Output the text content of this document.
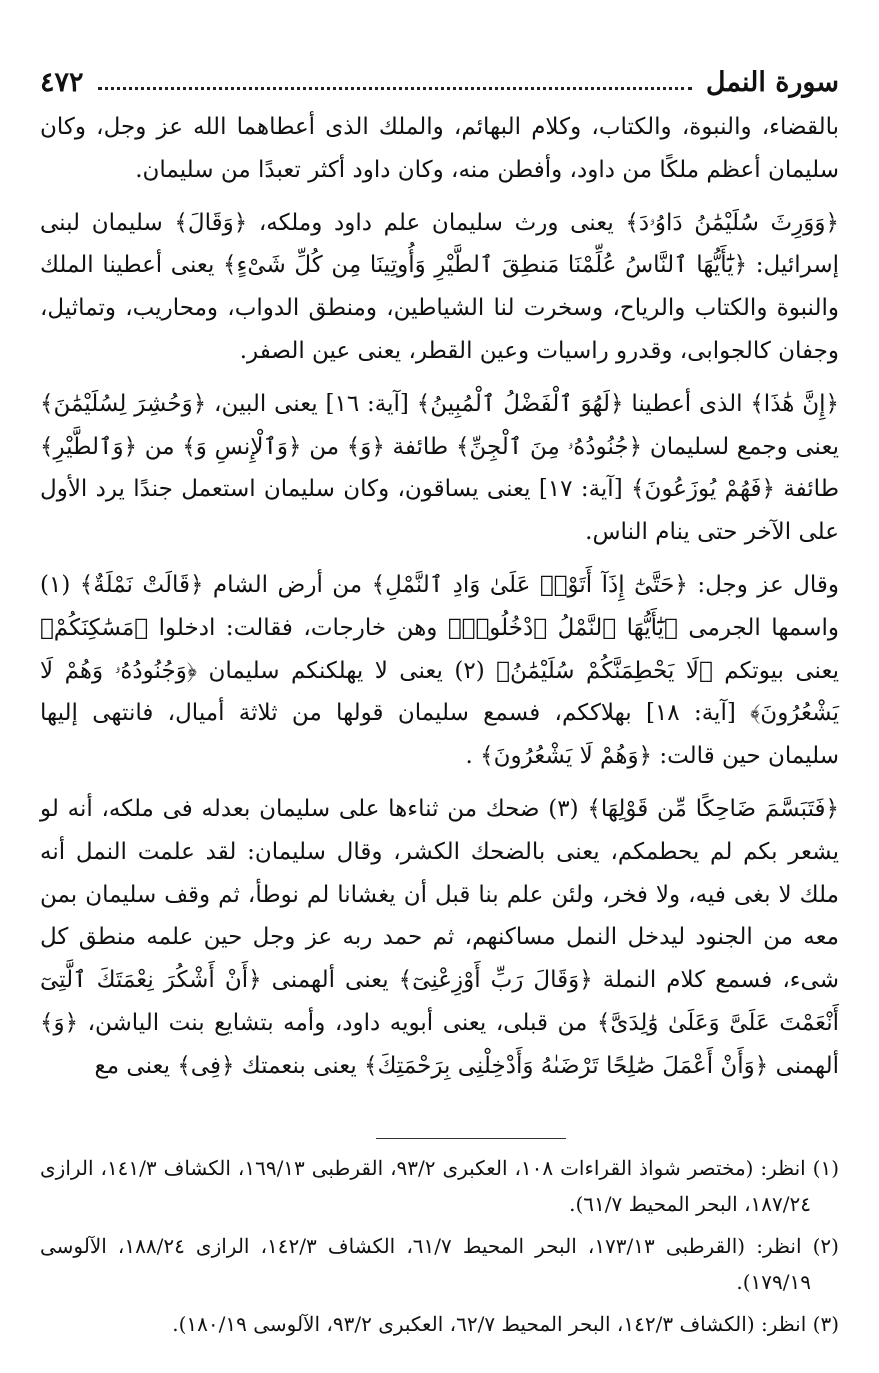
سورة النمل
٤٧٢

بالقضاء، والنبوة، والكتاب، وكلام البهائم، والملك الذى أعطاهما الله عز وجل، وكان سليمان أعظم ملكًا من داود، وأفطن منه، وكان داود أكثر تعبدًا من سليمان.

﴿وَوَرِثَ سُلَيْمَٰنُ دَاوُۥدَ﴾ يعنى ورث سليمان علم داود وملكه، ﴿وَقَالَ﴾ سليمان لبنى إسرائيل: ﴿يَٰٓأَيُّهَا ٱلنَّاسُ عُلِّمْنَا مَنطِقَ ٱلطَّيْرِ وَأُوتِينَا مِن كُلِّ شَىْءٍ﴾ يعنى أعطينا الملك والنبوة والكتاب والرياح، وسخرت لنا الشياطين، ومنطق الدواب، ومحاريب، وتماثيل، وجفان كالجوابى، وقدرو راسيات وعين القطر، يعنى عين الصفر.

﴿إِنَّ هَٰذَا﴾ الذى أعطينا ﴿لَهُوَ ٱلْفَضْلُ ٱلْمُبِينُ﴾ [آية: ١٦] يعنى البين، ﴿وَحُشِرَ لِسُلَيْمَٰنَ﴾ يعنى وجمع لسليمان ﴿جُنُودُهُۥ مِنَ ٱلْجِنِّ﴾ طائفة ﴿وَ﴾ من ﴿وَٱلْإِنسِ وَ﴾ من ﴿وَٱلطَّيْرِ﴾ طائفة ﴿فَهُمْ يُوزَعُونَ﴾ [آية: ١٧] يعنى يساقون، وكان سليمان استعمل جندًا يرد الأول على الآخر حتى ينام الناس.

وقال عز وجل: ﴿حَتَّىٰٓ إِذَآ أَتَوْا۟ عَلَىٰ وَادِ ٱلنَّمْلِ﴾ من أرض الشام ﴿قَالَتْ نَمْلَةٌ﴾ (١) واسمها الجرمى ﴿يَٰٓأَيُّهَا ٱلنَّمْلُ ٱدْخُلُوا۟﴾ وهن خارجات، فقالت: ادخلوا ﴿مَسَٰكِنَكُمْ﴾ يعنى بيوتكم ﴿لَا يَحْطِمَنَّكُمْ سُلَيْمَٰنُ﴾ (٢) يعنى لا يهلكنكم سليمان ﴿وَجُنُودُهُۥ وَهُمْ لَا يَشْعُرُونَ﴾ [آية: ١٨] بهلاككم، فسمع سليمان قولها من ثلاثة أميال، فانتهى إليها سليمان حين قالت: ﴿وَهُمْ لَا يَشْعُرُونَ﴾ .

﴿فَتَبَسَّمَ ضَاحِكًا مِّن قَوْلِهَا﴾ (٣) ضحك من ثناءها على سليمان بعدله فى ملكه، أنه لو يشعر بكم لم يحطمكم، يعنى بالضحك الكشر، وقال سليمان: لقد علمت النمل أنه ملك لا بغى فيه، ولا فخر، ولئن علم بنا قبل أن يغشانا لم نوطأ، ثم وقف سليمان بمن معه من الجنود ليدخل النمل مساكنهم، ثم حمد ربه عز وجل حين علمه منطق كل شىء، فسمع كلام النملة ﴿وَقَالَ رَبِّ أَوْزِعْنِىٓ﴾ يعنى ألهمنى ﴿أَنْ أَشْكُرَ نِعْمَتَكَ ٱلَّتِىٓ أَنْعَمْتَ عَلَىَّ وَعَلَىٰ وَٰلِدَىَّ﴾ من قبلى، يعنى أبويه داود، وأمه بتشايع بنت الياشن، ﴿وَ﴾ ألهمنى ﴿وَأَنْ أَعْمَلَ صَٰلِحًا تَرْضَىٰهُ وَأَدْخِلْنِى بِرَحْمَتِكَ﴾ يعنى بنعمتك ﴿فِى﴾ يعنى مع

(١) انظر: (مختصر شواذ القراءات ١٠٨، العكبرى ٩٣/٢، القرطبى ١٦٩/١٣، الكشاف ١٤١/٣، الرازى ١٨٧/٢٤، البحر المحيط ٦١/٧).

(٢) انظر: (القرطبى ١٧٣/١٣، البحر المحيط ٦١/٧، الكشاف ١٤٢/٣، الرازى ١٨٨/٢٤، الآلوسى ١٧٩/١٩).

(٣) انظر: (الكشاف ١٤٢/٣، البحر المحيط ٦٢/٧، العكبرى ٩٣/٢، الآلوسى ١٨٠/١٩).
